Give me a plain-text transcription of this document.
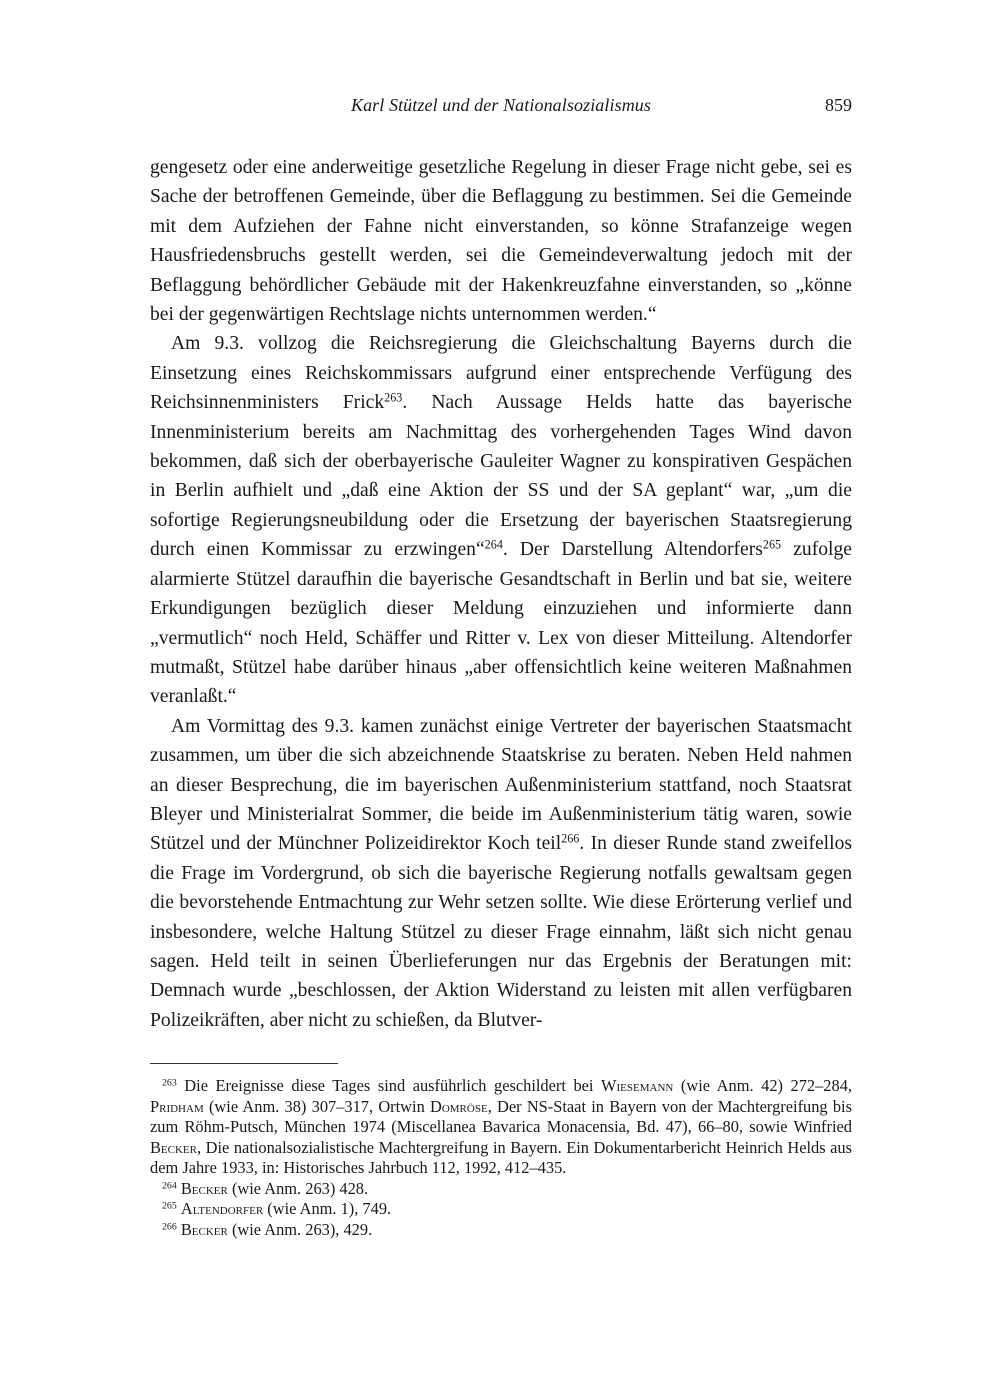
Karl Stützel und der Nationalsozialismus	859

gengesetz oder eine anderweitige gesetzliche Regelung in dieser Frage nicht gebe, sei es Sache der betroffenen Gemeinde, über die Beflaggung zu bestimmen. Sei die Gemeinde mit dem Aufziehen der Fahne nicht einverstanden, so könne Strafanzeige wegen Hausfriedensbruchs gestellt werden, sei die Gemeindeverwaltung jedoch mit der Beflaggung behördlicher Gebäude mit der Hakenkreuzfahne einverstanden, so „könne bei der gegenwärtigen Rechtslage nichts unternommen werden.“

Am 9.3. vollzog die Reichsregierung die Gleichschaltung Bayerns durch die Einsetzung eines Reichskommissars aufgrund einer entsprechende Verfügung des Reichsinnenministers Frick$^{263}$. Nach Aussage Helds hatte das bayerische Innenministerium bereits am Nachmittag des vorhergehenden Tages Wind davon bekommen, daß sich der oberbayerische Gauleiter Wagner zu konspirativen Gespächen in Berlin aufhielt und „daß eine Aktion der SS und der SA geplant“ war, „um die sofortige Regierungsneubildung oder die Ersetzung der bayerischen Staatsregierung durch einen Kommissar zu erzwingen“$^{264}$. Der Darstellung Altendorfers$^{265}$ zufolge alarmierte Stützel daraufhin die bayerische Gesandtschaft in Berlin und bat sie, weitere Erkundigungen bezüglich dieser Meldung einzuziehen und informierte dann „vermutlich“ noch Held, Schäffer und Ritter v. Lex von dieser Mitteilung. Altendorfer mutmaßt, Stützel habe darüber hinaus „aber offensichtlich keine weiteren Maßnahmen veranlaßt.“

Am Vormittag des 9.3. kamen zunächst einige Vertreter der bayerischen Staatsmacht zusammen, um über die sich abzeichnende Staatskrise zu beraten. Neben Held nahmen an dieser Besprechung, die im bayerischen Außenministerium stattfand, noch Staatsrat Bleyer und Ministerialrat Sommer, die beide im Außenministerium tätig waren, sowie Stützel und der Münchner Polizeidirektor Koch teil$^{266}$. In dieser Runde stand zweifellos die Frage im Vordergrund, ob sich die bayerische Regierung notfalls gewaltsam gegen die bevorstehende Entmachtung zur Wehr setzen sollte. Wie diese Erörterung verlief und insbesondere, welche Haltung Stützel zu dieser Frage einnahm, läßt sich nicht genau sagen. Held teilt in seinen Überlieferungen nur das Ergebnis der Beratungen mit: Demnach wurde „beschlossen, der Aktion Widerstand zu leisten mit allen verfügbaren Polizeikräften, aber nicht zu schießen, da Blutver-

$^{263}$ Die Ereignisse diese Tages sind ausführlich geschildert bei Wiesemann (wie Anm. 42) 272–284, Pridham (wie Anm. 38) 307–317, Ortwin Domröse, Der NS-Staat in Bayern von der Machtergreifung bis zum Röhm-Putsch, München 1974 (Miscellanea Bavarica Monacensia, Bd. 47), 66–80, sowie Winfried Becker, Die nationalsozialistische Machtergreifung in Bayern. Ein Dokumentarbericht Heinrich Helds aus dem Jahre 1933, in: Historisches Jahrbuch 112, 1992, 412–435.

$^{264}$ Becker (wie Anm. 263) 428.

$^{265}$ Altendorfer (wie Anm. 1), 749.

$^{266}$ Becker (wie Anm. 263), 429.
